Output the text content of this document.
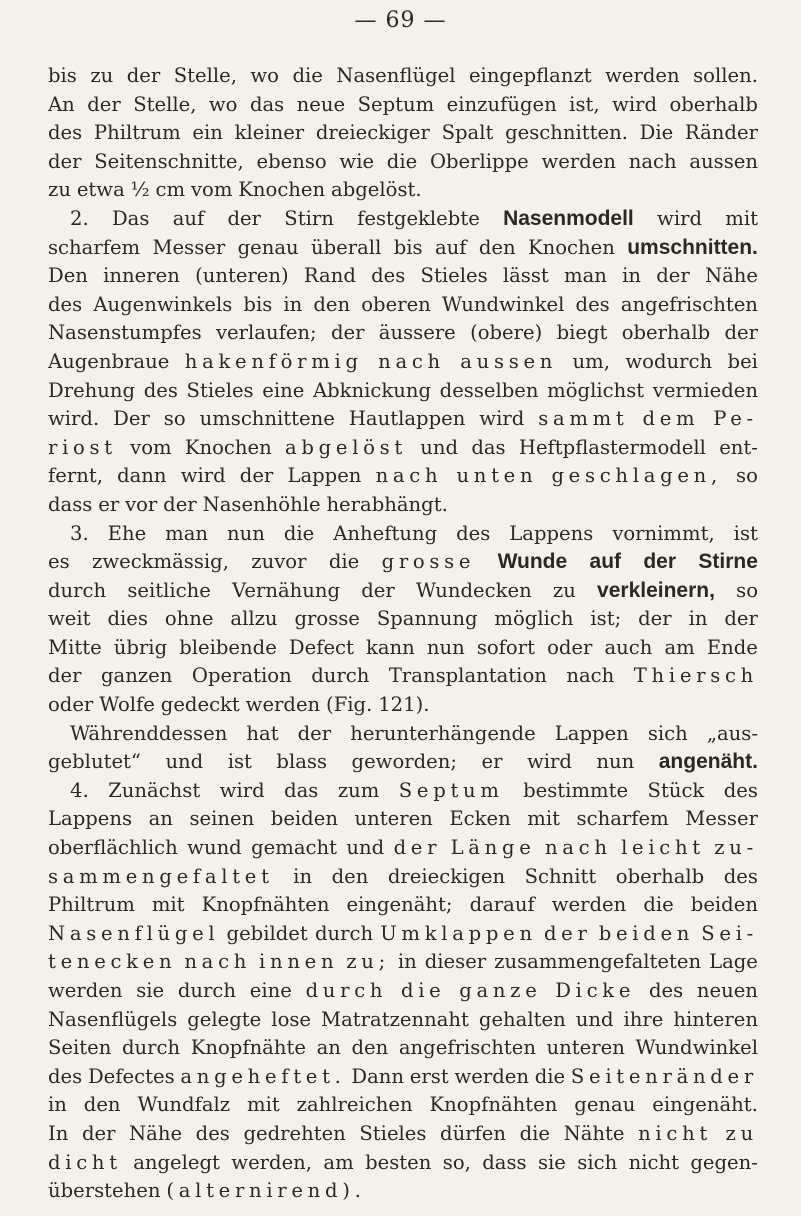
— 69 —
bis zu der Stelle, wo die Nasenflügel eingepflanzt werden sollen.
An der Stelle, wo das neue Septum einzufügen ist, wird oberhalb
des Philtrum ein kleiner dreieckiger Spalt geschnitten. Die Ränder
der Seitenschnitte, ebenso wie die Oberlippe werden nach aussen
zu etwa ½ cm vom Knochen abgelöst.
2. Das auf der Stirn festgeklebte Nasenmodell wird mit
scharfem Messer genau überall bis auf den Knochen umschnitten.
Den inneren (unteren) Rand des Stieles lässt man in der Nähe
des Augenwinkels bis in den oberen Wundwinkel des angefrischten
Nasenstumpfes verlaufen; der äussere (obere) biegt oberhalb der
Augenbraue hakenförmig nach aussen um, wodurch bei
Drehung des Stieles eine Abknickung desselben möglichst vermieden
wird. Der so umschnittene Hautlappen wird sammt dem Pe-
riost vom Knochen abgelöst und das Heftpflastermodell ent-
fernt, dann wird der Lappen nach unten geschlagen, so
dass er vor der Nasenhöhle herabhängt.
3. Ehe man nun die Anheftung des Lappens vornimmt, ist
es zweckmässig, zuvor die grosse Wunde auf der Stirne
durch seitliche Vernähung der Wundecken zu verkleinern, so
weit dies ohne allzu grosse Spannung möglich ist; der in der
Mitte übrig bleibende Defect kann nun sofort oder auch am Ende
der ganzen Operation durch Transplantation nach Thiersch
oder Wolfe gedeckt werden (Fig. 121).
Währenddessen hat der herunterhängende Lappen sich „aus-
geblutet“ und ist blass geworden; er wird nun angenäht.
4. Zunächst wird das zum Septum bestimmte Stück des
Lappens an seinen beiden unteren Ecken mit scharfem Messer
oberflächlich wund gemacht und der Länge nach leicht zu-
sammengefaltet in den dreieckigen Schnitt oberhalb des
Philtrum mit Knopfnähten eingenäht; darauf werden die beiden
Nasenflügel gebildet durch Umklappen der beiden Sei-
tenecken nach innen zu; in dieser zusammengefalteten Lage
werden sie durch eine durch die ganze Dicke des neuen
Nasenflügels gelegte lose Matratzennaht gehalten und ihre hinteren
Seiten durch Knopfnähte an den angefrischten unteren Wundwinkel
des Defectes angeheftet. Dann erst werden die Seitenränder
in den Wundfalz mit zahlreichen Knopfnähten genau eingenäht.
In der Nähe des gedrehten Stieles dürfen die Nähte nicht zu
dicht angelegt werden, am besten so, dass sie sich nicht gegen-
überstehen (alternirend).
